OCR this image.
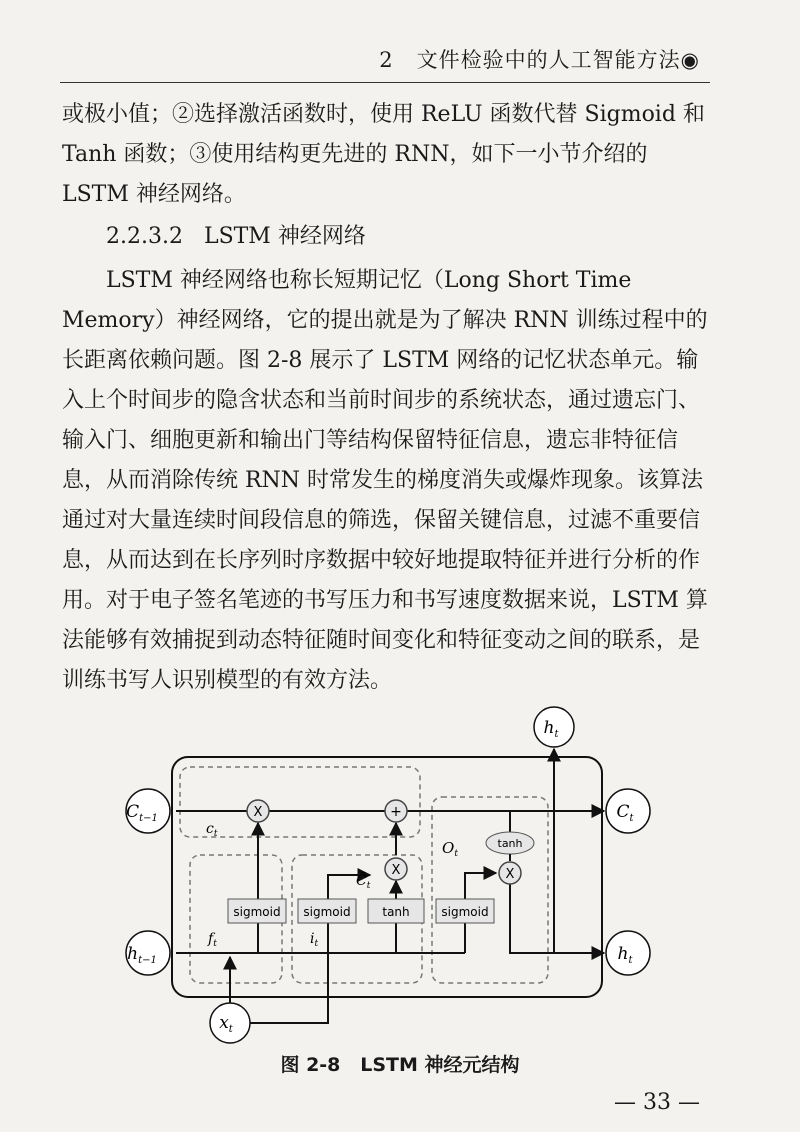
2 文件检验中的人工智能方法◉

或极小值；②选择激活函数时，使用 ReLU 函数代替 Sigmoid 和 Tanh 函数；③使用结构更先进的 RNN，如下一小节介绍的 LSTM 神经网络。

2.2.3.2 LSTM 神经网络

LSTM 神经网络也称长短期记忆（Long Short Time Memory）神经网络，它的提出就是为了解决 RNN 训练过程中的长距离依赖问题。图 2-8 展示了 LSTM 网络的记忆状态单元。输入上个时间步的隐含状态和当前时间步的系统状态，通过遗忘门、输入门、细胞更新和输出门等结构保留特征信息，遗忘非特征信息，从而消除传统 RNN 时常发生的梯度消失或爆炸现象。该算法通过对大量连续时间段信息的筛选，保留关键信息，过滤不重要信息，从而达到在长序列时序数据中较好地提取特征并进行分析的作用。对于电子签名笔迹的书写压力和书写速度数据来说，LSTM 算法能够有效捕捉到动态特征随时间变化和特征变动之间的联系，是训练书写人识别模型的有效方法。

sigmoid sigmoid	tanh	sigmoid
tanh
X	+
X	X
$C_{t-1}$
$h_{t-1}$
$x_t$
$C_t$
$h_t$
$h_t$
$c_t$
$f_t$	$i_t$
$C̃_t$
$O_t$
图 2-8 LSTM 神经元结构
— 33 —
